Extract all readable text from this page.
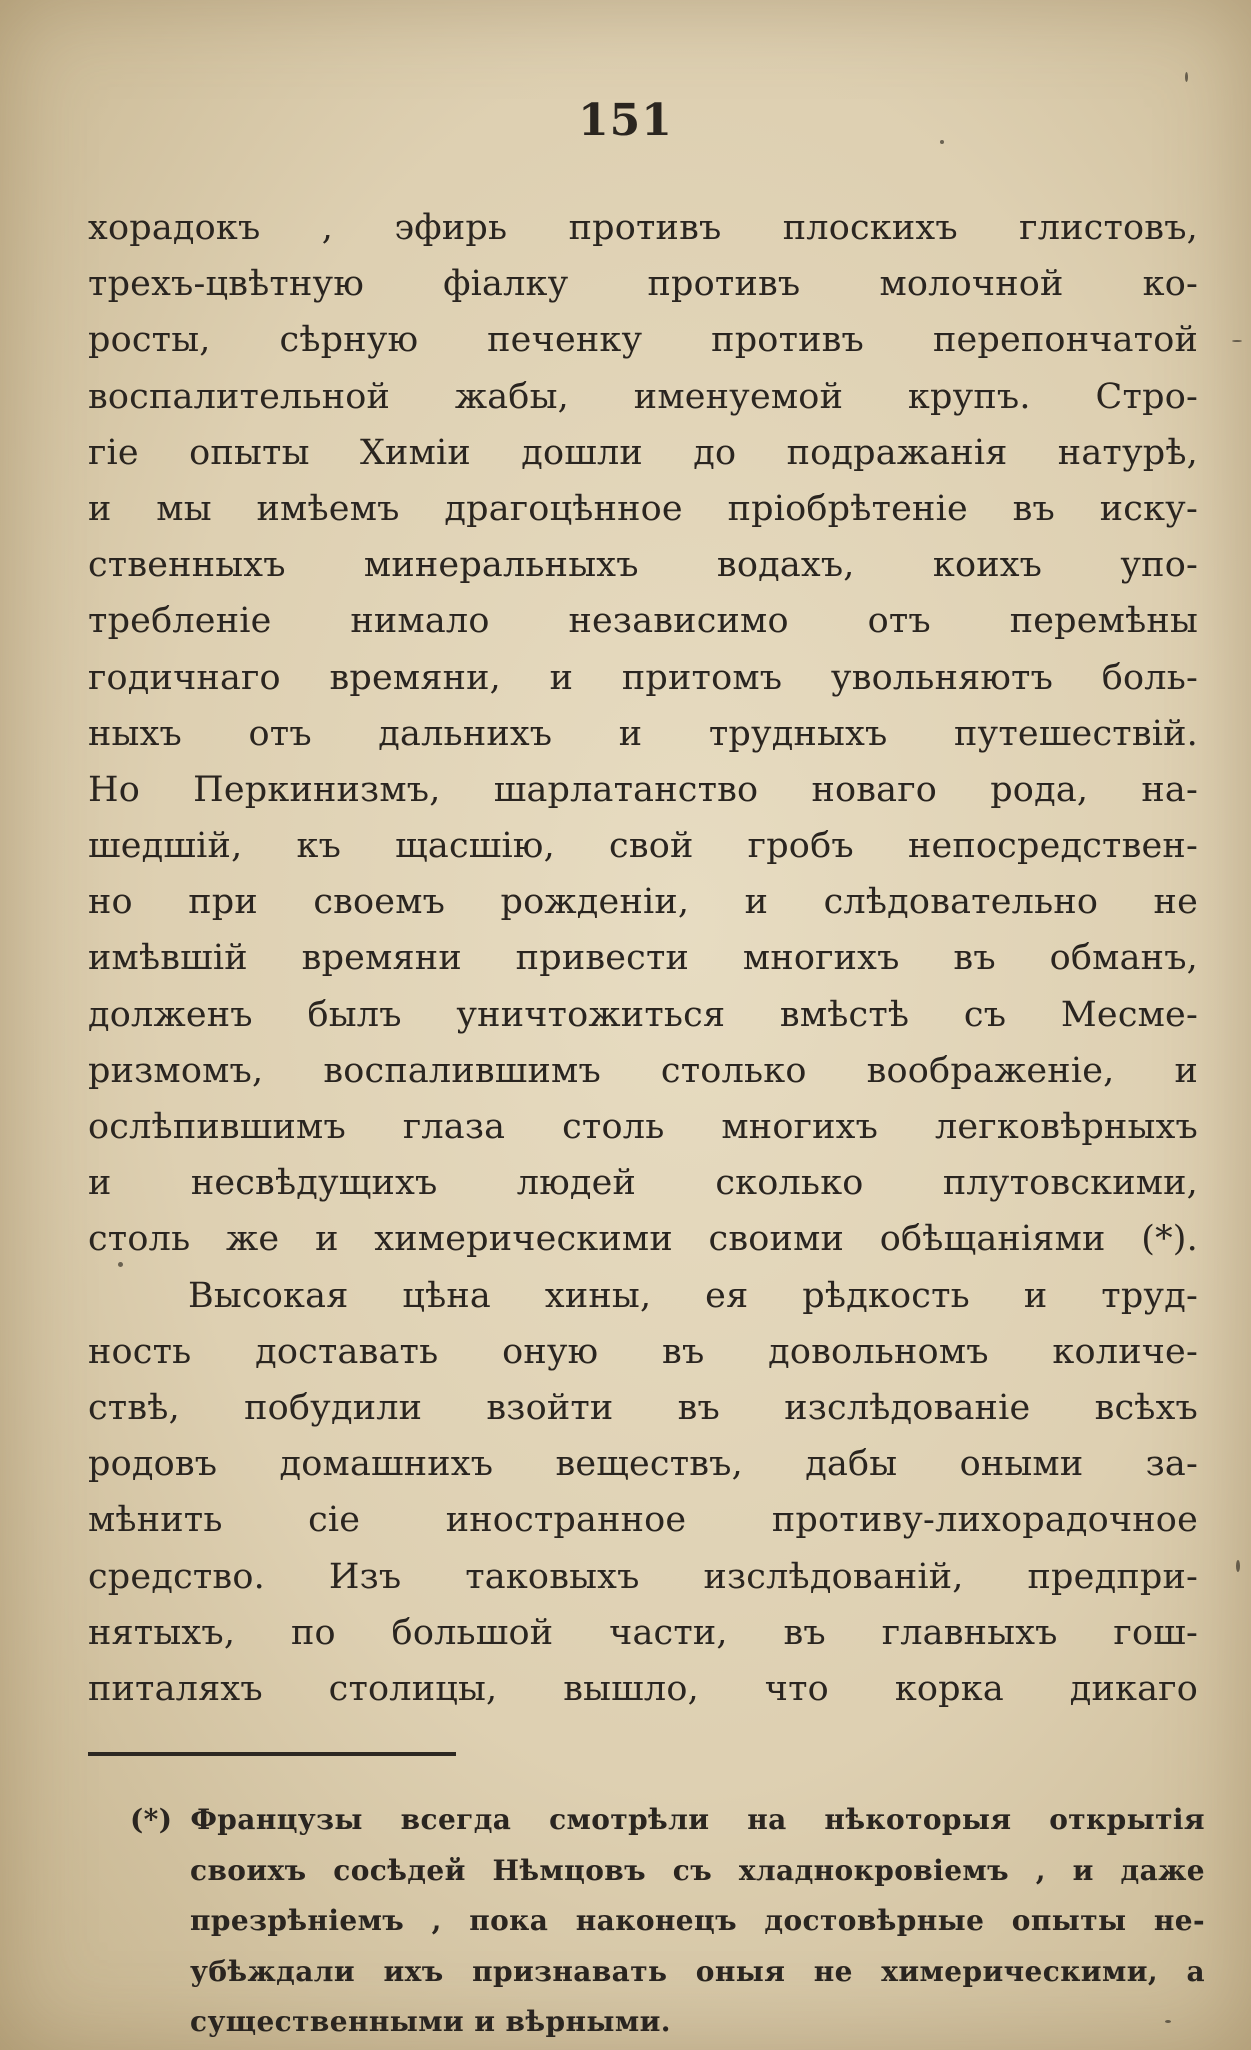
151
хорадокъ , эфирь противъ плоскихъ глистовъ,
трехъ-цвѣтную фіалку противъ молочной ко-
росты, сѣрную печенку противъ перепончатой
воспалительной жабы, именуемой крупъ. Стро-
гіе опыты Химіи дошли до подражанія натурѣ,
и мы имѣемъ драгоцѣнное пріобрѣтеніе въ иску-
ственныхъ минеральныхъ водахъ, коихъ упо-
требленіе нимало независимо отъ перемѣны
годичнаго времяни, и притомъ увольняютъ боль-
ныхъ отъ дальнихъ и трудныхъ путешествій.
Но Перкинизмъ, шарлатанство новаго рода, на-
шедшій, къ щасшію, свой гробъ непосредствен-
но при своемъ рожденіи, и слѣдовательно не
имѣвшій времяни привести многихъ въ обманъ,
долженъ былъ уничтожиться вмѣстѣ съ Месме-
ризмомъ, воспалившимъ столько воображеніе, и
ослѣпившимъ глаза столь многихъ легковѣрныхъ
и несвѣдущихъ людей сколько плутовскими,
столь же и химерическими своими обѣщаніями (*).
Высокая цѣна хины, ея рѣдкость и труд-
ность доставать оную въ довольномъ количе-
ствѣ, побудили взойти въ изслѣдованіе всѣхъ
родовъ домашнихъ веществъ, дабы оными за-
мѣнить сіе иностранное противу-лихорадочное
средство. Изъ таковыхъ изслѣдованій, предпри-
нятыхъ, по большой части, въ главныхъ гош-
питаляхъ столицы, вышло, что корка дикаго
(*) Французы всегда смотрѣли на нѣкоторыя открытія
своихъ сосѣдей Нѣмцовъ съ хладнокровіемъ , и даже
презрѣніемъ , пока наконецъ достовѣрные опыты не-
убѣждали ихъ признавать оныя не химерическими, а
существенными и вѣрными.
